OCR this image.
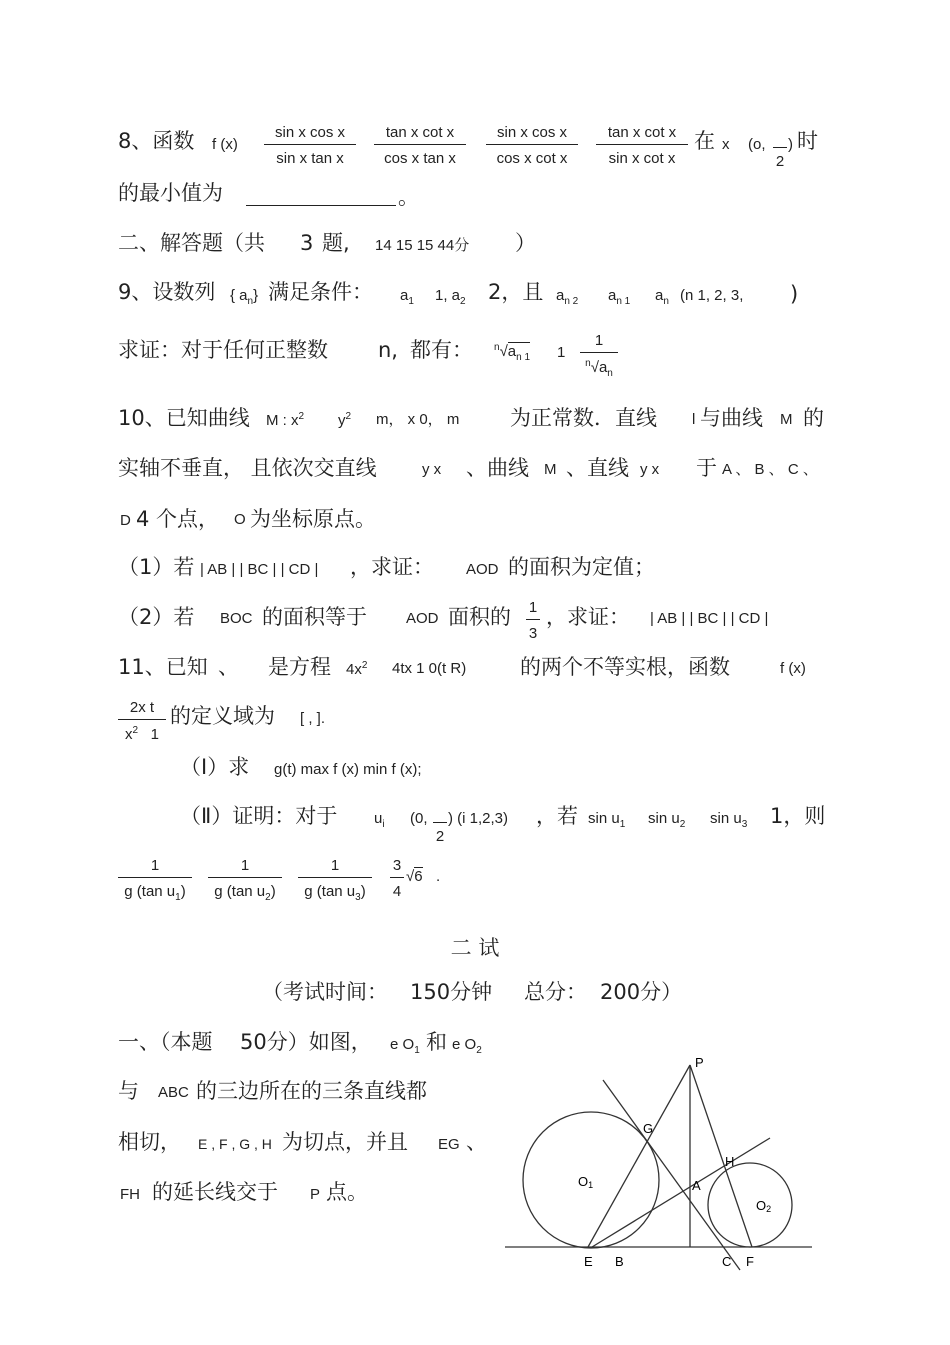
8、函数 f (x)
sin x cos x
sin x tan x
tan x cot x
cos x tan x
sin x cos x
cos x cot x
tan x cot x
sin x cot x
在 x (o,

2
) 时
的最小值为	。
二、解答题（共 3 题, 14 15 15 44分 ）
9、设数列 { $a_n$} 满足条件： $a_1$ 1, $a_2$ 2，且 $a_{n 2}$ $a_{n 1}$ $a_n$ (n 1, 2, 3, )
求证：对于任何正整数 n, 都有： $^n√a_{n 1}$ 1
1
$^n√a_n$
10、已知曲线 M : $x^2$ $y^2$ m， x 0， m 为正常数．直线 l 与曲线 M 的
实轴不垂直， 且依次交直线	y x 、曲线 M 、直线 y x 于 A 、 B 、 C 、
D 4 个点， O 为坐标原点。
（1）若 | AB | | BC | | CD | ，求证： AOD 的面积为定值；
（2）若 BOC 的面积等于	AOD 面积的 1
3
，求证： | AB | | BC | | CD |
11、已知 、 是方程 $4x^2$ 4tx 1 0(t R)	的两个不等实根，函数	f (x)
2x t
$x^2$ 1
的定义域为 [ , ].
（Ⅰ）求 g(t) max f (x) min f (x);
（Ⅱ）证明：对于 $u_i$ (0,

2
) (i 1,2,3) ，若 $\sin u_1$ $\sin u_2$ $\sin u_3$ 1，则
1
g (tan $u_1$)
1
g (tan $u_2$)
1
g (tan $u_3$)
3
4
√6 .
二 试
（考试时间： 150分钟 总分： 200分）
一、（本题 50分）如图， e $O_1$ 和 e $O_2$
与 ABC 的三边所在的三条直线都
相切， E , F , G , H 为切点，并且 EG 、
FH 的延长线交于 P 点。
P
G
H
A
O1
O2
E B	C F
